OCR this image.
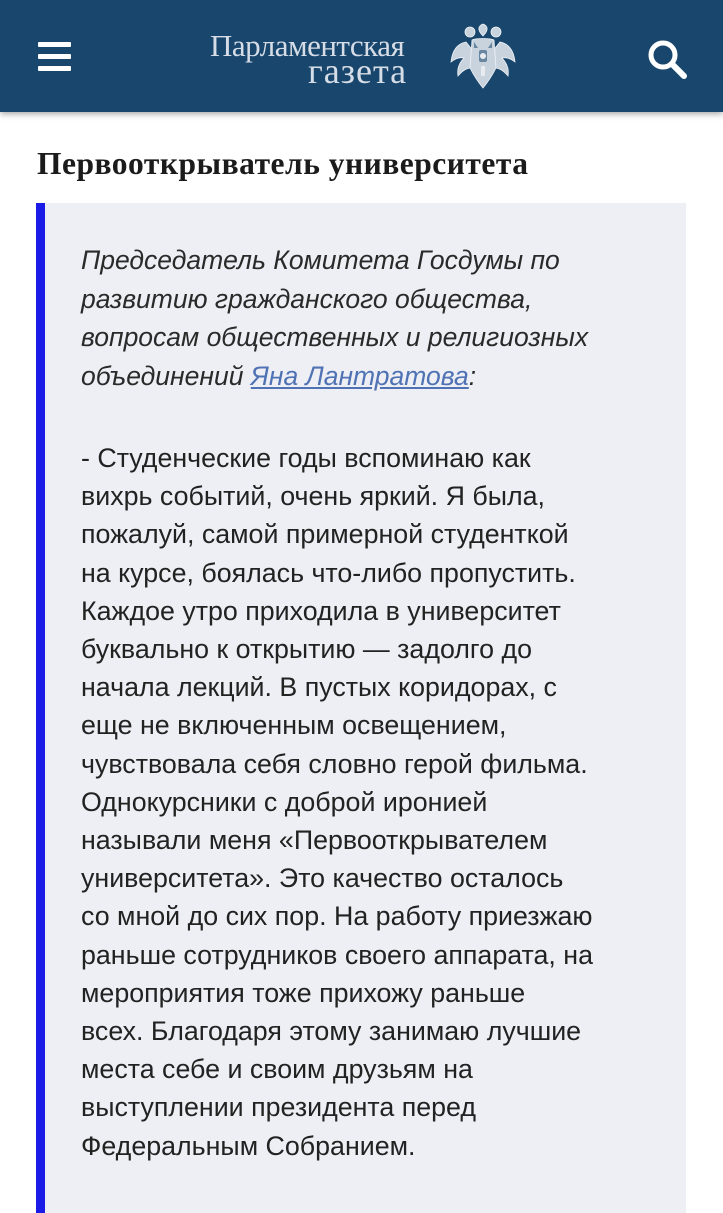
Парламентская
газета
Первооткрыватель университета

Председатель Комитета Госдумы по
развитию гражданского общества,
вопросам общественных и религиозных
объединений Яна Лантратова:

- Студенческие годы вспоминаю как
вихрь событий, очень яркий. Я была,
пожалуй, самой примерной студенткой
на курсе, боялась что-либо пропустить.
Каждое утро приходила в университет
буквально к открытию — задолго до
начала лекций. В пустых коридорах, с
еще не включенным освещением,
чувствовала себя словно герой фильма.
Однокурсники с доброй иронией
называли меня «Первооткрывателем
университета». Это качество осталось
со мной до сих пор. На работу приезжаю
раньше сотрудников своего аппарата, на
мероприятия тоже прихожу раньше
всех. Благодаря этому занимаю лучшие
места себе и своим друзьям на
выступлении президента перед
Федеральным Собранием.
